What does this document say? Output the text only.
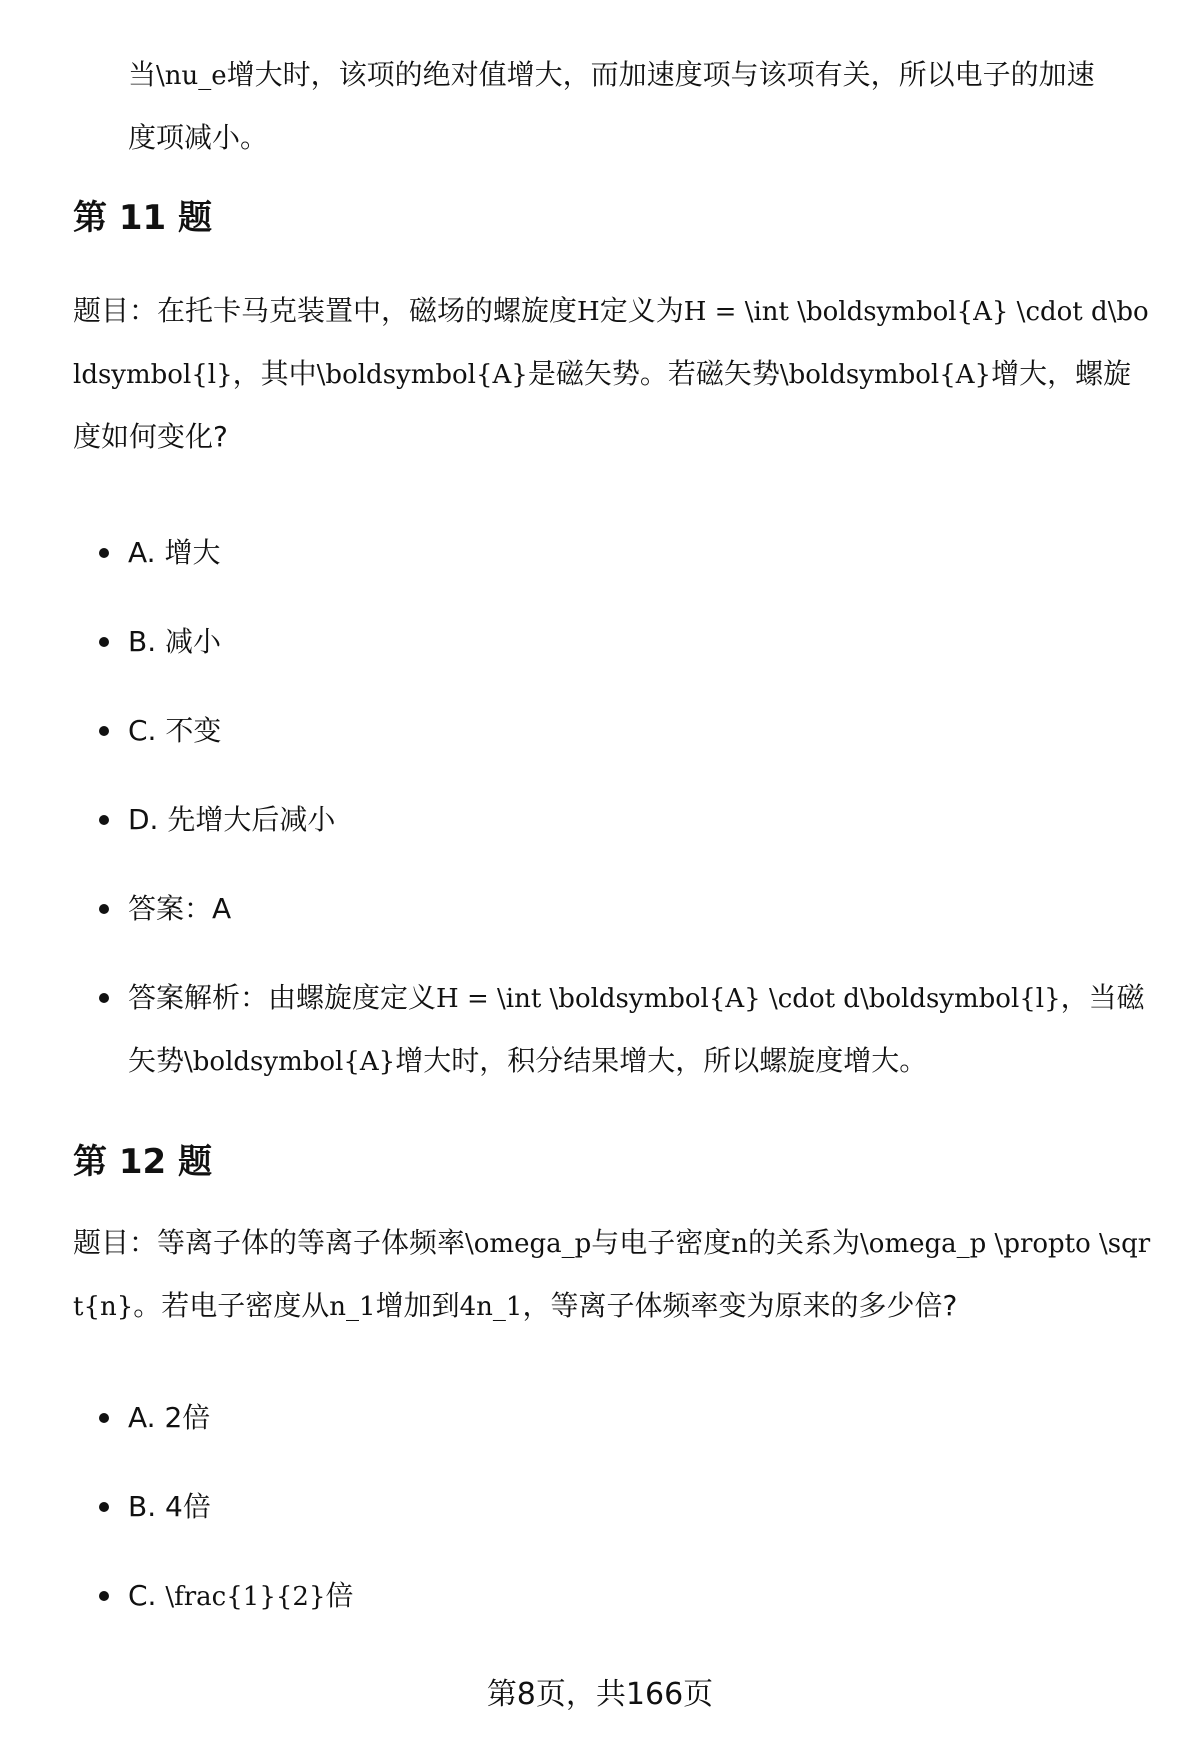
当\nu_e增大时，该项的绝对值增大，而加速度项与该项有关，所以电子的加速
度项减小。

第 11 题

题目：在托卡马克装置中，磁场的螺旋度H定义为H = \int \boldsymbol{A} \cdot d\boldsymbol{l}，其中\boldsymbol{A}是磁矢势。若磁矢势\boldsymbol{A}增大，螺旋度如何变化?

A. 增大
B. 减小
C. 不变
D. 先增大后减小
答案：A
答案解析：由螺旋度定义H = \int \boldsymbol{A} \cdot d\boldsymbol{l}，当磁矢势\boldsymbol{A}增大时，积分结果增大，所以螺旋度增大。
第 12 题

题目：等离子体的等离子体频率\omega_p与电子密度n的关系为\omega_p \propto \sqrt{n}。若电子密度从n_1增加到4n_1，等离子体频率变为原来的多少倍?

A. 2倍
B. 4倍
C. \frac{1}{2}倍
第8页，共166页
